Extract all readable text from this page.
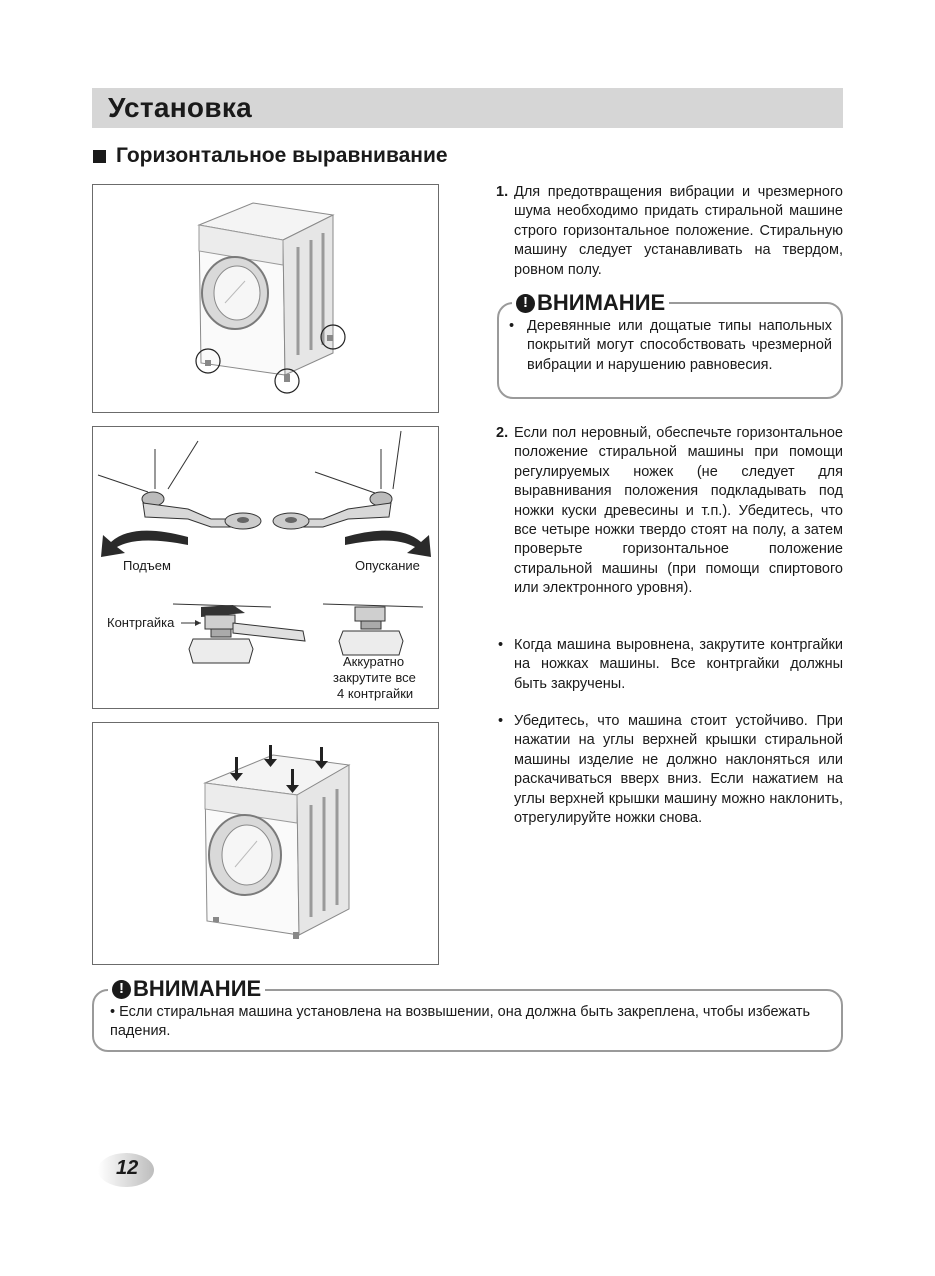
Установка
Горизонтальное выравнивание
Подъем	Опускание
Контргайка
Аккуратно
закрутите все
4 контргайки
1. Для предотвращения вибрации и чрезмерного шума необходимо придать стиральной машине строго горизонтальное положение. Стиральную машину следует устанавливать на твердом, ровном полу.
• Деревянные или дощатые типы напольных покрытий могут способствовать чрезмерной вибрации и нарушению равновесия.
! ВНИМАНИЕ
2. Если пол неровный, обеспечьте горизонтальное положение стиральной машины при помощи регулируемых ножек (не следует для выравнивания положения подкладывать под ножки куски древесины и т.п.). Убедитесь, что все четыре ножки твердо стоят на полу, а затем проверьте горизонтальное положение стиральной машины (при помощи спиртового или электронного уровня).
• Когда машина выровнена, закрутите контргайки на ножках машины. Все контргайки должны быть закручены.
• Убедитесь, что машина стоит устойчиво. При нажатии на углы верхней крышки стиральной машины изделие не должно наклоняться или раскачиваться вверх вниз. Если нажатием на углы верхней крышки машину можно наклонить, отрегулируйте ножки снова.
• Если стиральная машина установлена на возвышении, она должна быть закреплена, чтобы избежать падения.
! ВНИМАНИЕ
12
